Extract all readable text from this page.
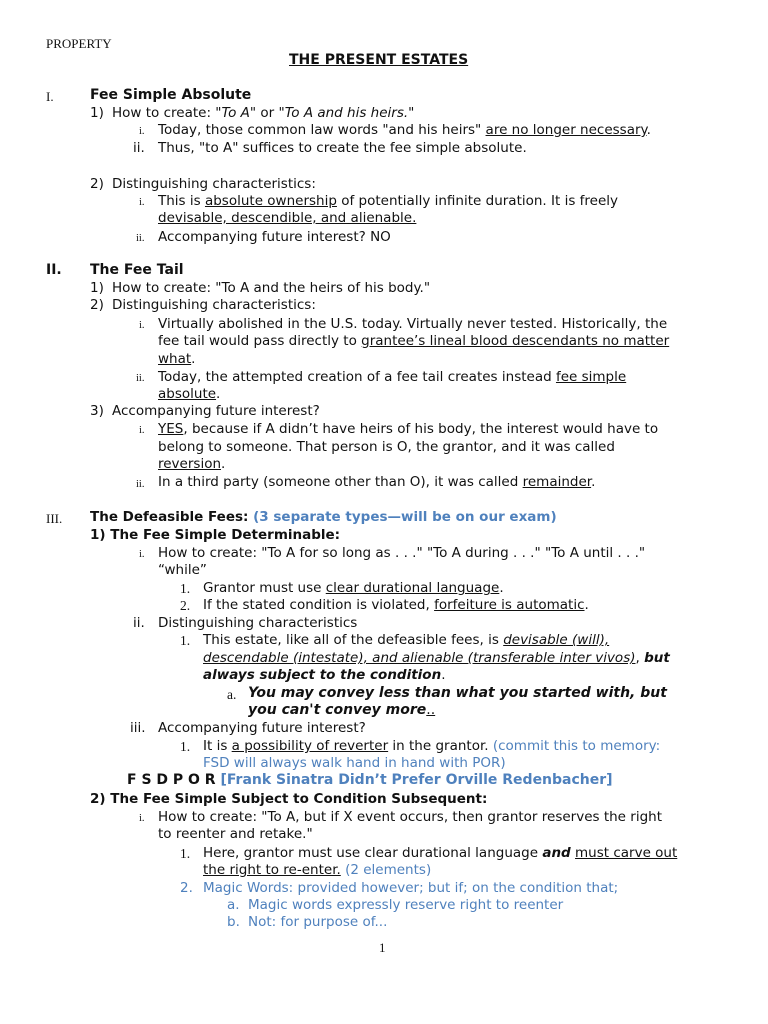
PROPERTY
THE PRESENT ESTATES
I.	Fee Simple Absolute
1) How to create: "To A" or "To A and his heirs."
i. Today, those common law words "and his heirs" are no longer necessary.
ii. Thus, "to A" suffices to create the fee simple absolute.
2) Distinguishing characteristics:
i. This is absolute ownership of potentially infinite duration. It is freely
devisable, descendible, and alienable.
ii. Accompanying future interest? NO
II. The Fee Tail
1) How to create: "To A and the heirs of his body."
2) Distinguishing characteristics:
i. Virtually abolished in the U.S. today. Virtually never tested. Historically, the
fee tail would pass directly to grantee’s lineal blood descendants no matter
what.
ii. Today, the attempted creation of a fee tail creates instead fee simple
absolute.
3) Accompanying future interest?
i. YES, because if A didn’t have heirs of his body, the interest would have to
belong to someone. That person is O, the grantor, and it was called
reversion.
ii. In a third party (someone other than O), it was called remainder.
III. The Defeasible Fees: (3 separate types—will be on our exam)
1) The Fee Simple Determinable:
i. How to create: "To A for so long as . . ." "To A during . . ." "To A until . . ."
“while”
1. Grantor must use clear durational language.
2. If the stated condition is violated, forfeiture is automatic.
ii. Distinguishing characteristics
1. This estate, like all of the defeasible fees, is devisable (will),
descendable (intestate), and alienable (transferable inter vivos), but
always subject to the condition.
a. You may convey less than what you started with, but
you can't convey more..
iii. Accompanying future interest?
1. It is a possibility of reverter in the grantor. (commit this to memory:
FSD will always walk hand in hand with POR)
F S D P O R [Frank Sinatra Didn’t Prefer Orville Redenbacher]
2) The Fee Simple Subject to Condition Subsequent:
i. How to create: "To A, but if X event occurs, then grantor reserves the right
to reenter and retake."
1. Here, grantor must use clear durational language and must carve out
the right to re-enter. (2 elements)
2. Magic Words: provided however; but if; on the condition that;
a. Magic words expressly reserve right to reenter
b. Not: for purpose of...
1
